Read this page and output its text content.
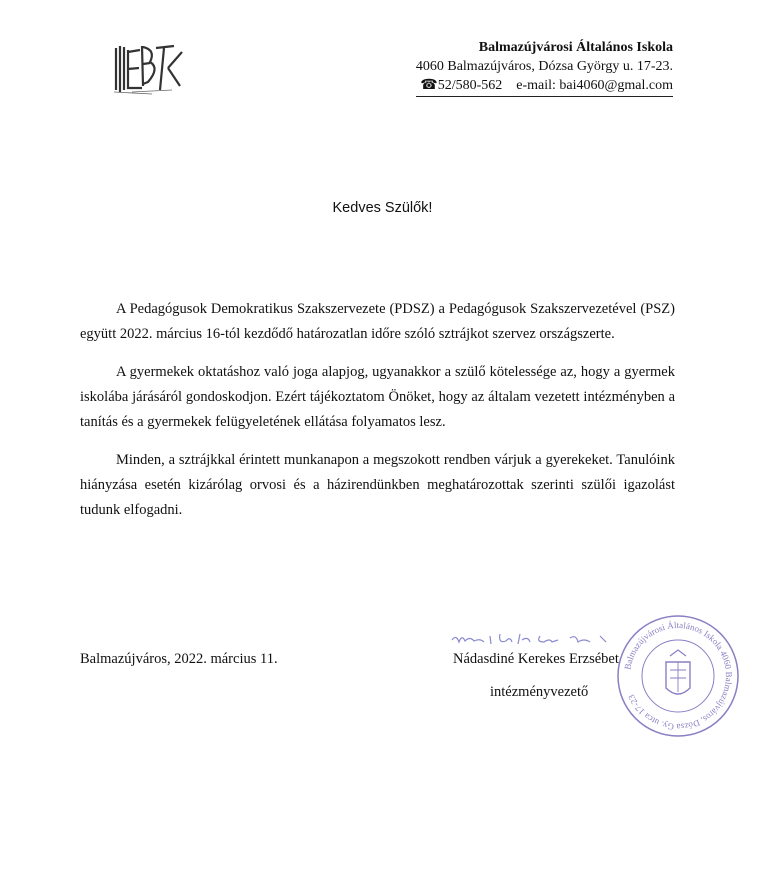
Balmazújvárosi Általános Iskola
4060 Balmazújváros, Dózsa György u. 17-23.
☎52/580-562 e-mail: bai4060@gmal.com
Kedves Szülők!

A Pedagógusok Demokratikus Szakszervezete (PDSZ) a Pedagógusok Szakszervezetével (PSZ) együtt 2022. március 16-tól kezdődő határozatlan időre szóló sztrájkot szervez országszerte.

A gyermekek oktatáshoz való joga alapjog, ugyanakkor a szülő kötelessége az, hogy a gyermek iskolába járásáról gondoskodjon. Ezért tájékoztatom Önöket, hogy az általam vezetett intézményben a tanítás és a gyermekek felügyeletének ellátása folyamatos lesz.

Minden, a sztrájkkal érintett munkanapon a megszokott rendben várjuk a gyerekeket. Tanulóink hiányzása esetén kizárólag orvosi és a házirendünkben meghatározottak szerinti szülői igazolást tudunk elfogadni.

Balmazújváros, 2022. március 11.	Nádasdiné Kerekes Erzsébet
intézményvezető
Balmazújvárosi Általános Iskola 4060 Balmazújváros, Dózsa Gy. utca 17-23
